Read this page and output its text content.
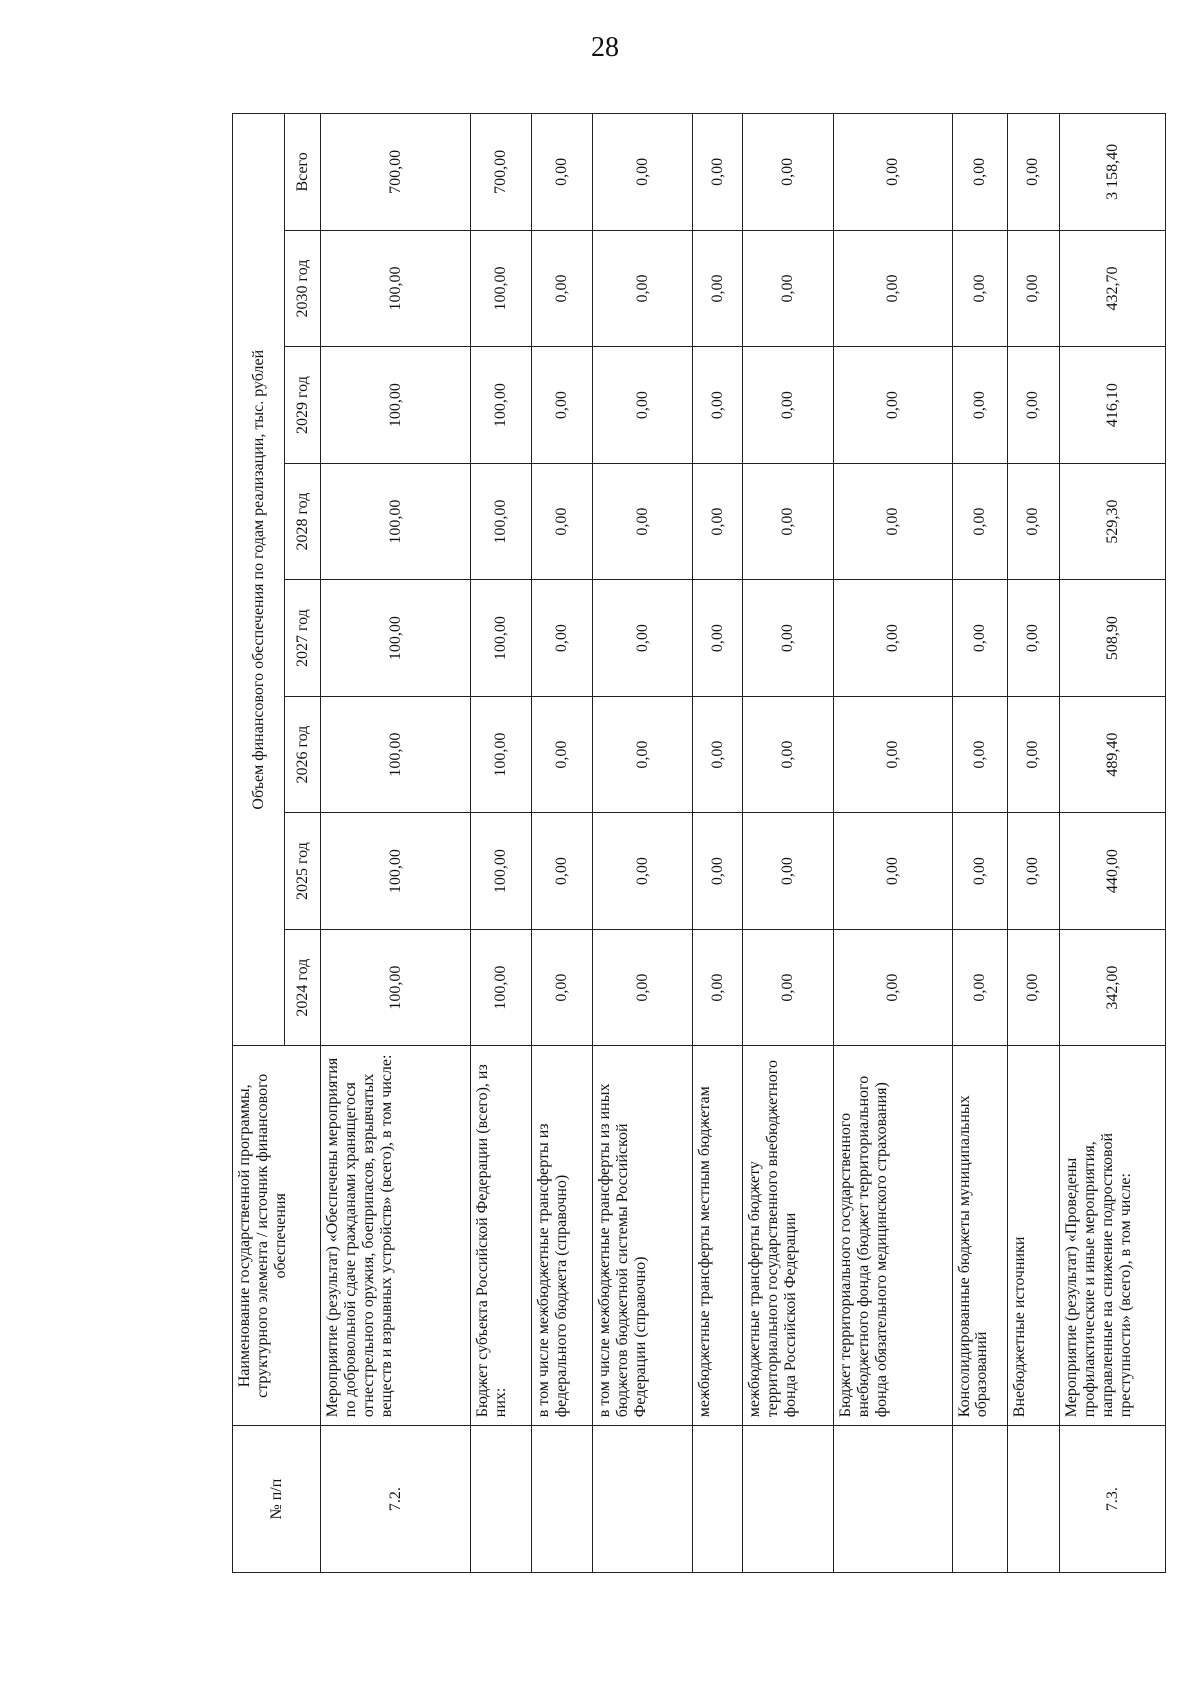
28
№ п/п	Наименование государственной программы, структурного элемента / источник финансового обеспечения	Объем финансового обеспечения по годам реализации, тыс. рублей							
		2024 год	2025 год	2026 год	2027 год	2028 год	2029 год	2030 год	Всего
7.2.	Мероприятие (результат) «Обеспечены мероприятия по добровольной сдаче гражданами хранящегося огнестрельного оружия, боеприпасов, взрывчатых веществ и взрывных устройств» (всего), в том числе:	100,00	100,00	100,00	100,00	100,00	100,00	100,00	700,00
	Бюджет субъекта Российской Федерации (всего), из них:	100,00	100,00	100,00	100,00	100,00	100,00	100,00	700,00
	в том числе межбюджетные трансферты из федерального бюджета (справочно)	0,00	0,00	0,00	0,00	0,00	0,00	0,00	0,00
	в том числе межбюджетные трансферты из иных бюджетов бюджетной системы Российской Федерации (справочно)	0,00	0,00	0,00	0,00	0,00	0,00	0,00	0,00
	межбюджетные трансферты местным бюджетам	0,00	0,00	0,00	0,00	0,00	0,00	0,00	0,00
	межбюджетные трансферты бюджету территориального государственного внебюджетного фонда Российской Федерации	0,00	0,00	0,00	0,00	0,00	0,00	0,00	0,00
	Бюджет территориального государственного внебюджетного фонда (бюджет территориального фонда обязательного медицинского страхования)	0,00	0,00	0,00	0,00	0,00	0,00	0,00	0,00
	Консолидированные бюджеты муниципальных образований	0,00	0,00	0,00	0,00	0,00	0,00	0,00	0,00
	Внебюджетные источники	0,00	0,00	0,00	0,00	0,00	0,00	0,00	0,00
7.3.	Мероприятие (результат) «Проведены профилактические и иные мероприятия, направленные на снижение подростковой преступности» (всего), в том числе:	342,00	440,00	489,40	508,90	529,30	416,10	432,70	3 158,40
